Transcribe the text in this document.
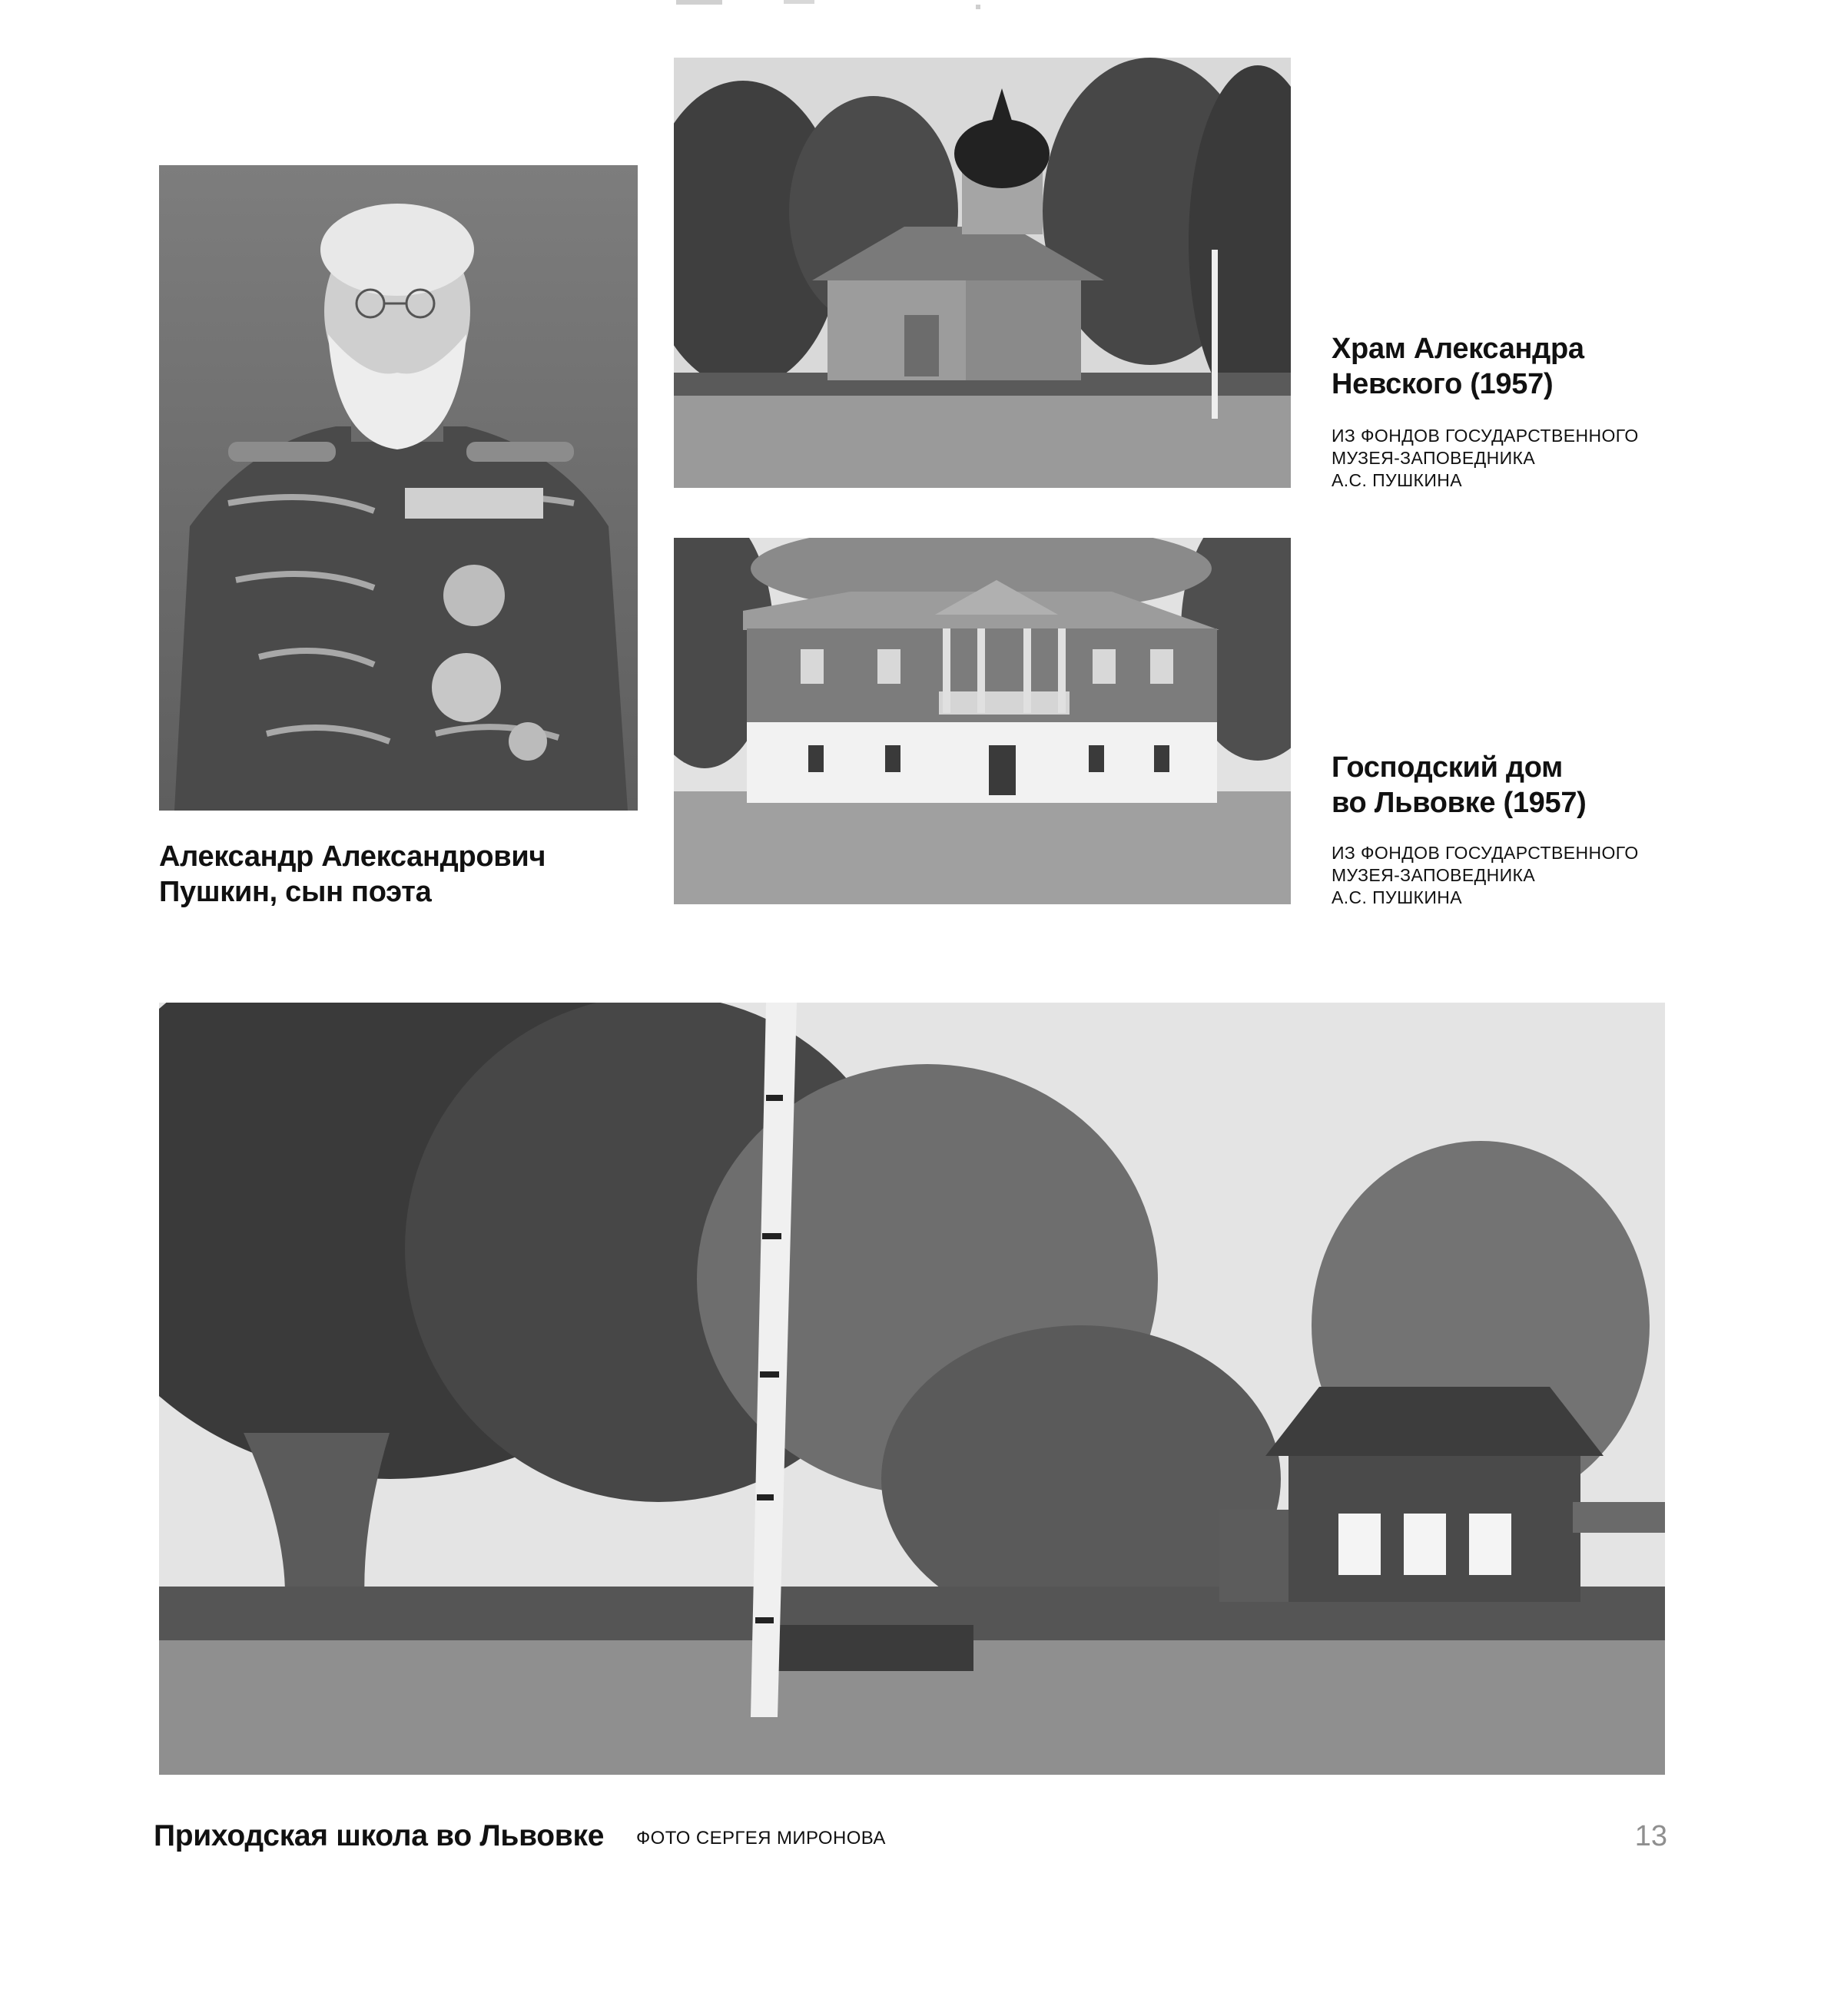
Александр Александрович
Пушкин, сын поэта

Храм Александра
Невского (1957)

ИЗ ФОНДОВ ГОСУДАРСТВЕННОГО
МУЗЕЯ-ЗАПОВЕДНИКА
А.С. ПУШКИНА

Господский дом
во Львовке (1957)

ИЗ ФОНДОВ ГОСУДАРСТВЕННОГО
МУЗЕЯ-ЗАПОВЕДНИКА
А.С. ПУШКИНА

Приходская школа во Львовке ФОТО СЕРГЕЯ МИРОНОВА	13
